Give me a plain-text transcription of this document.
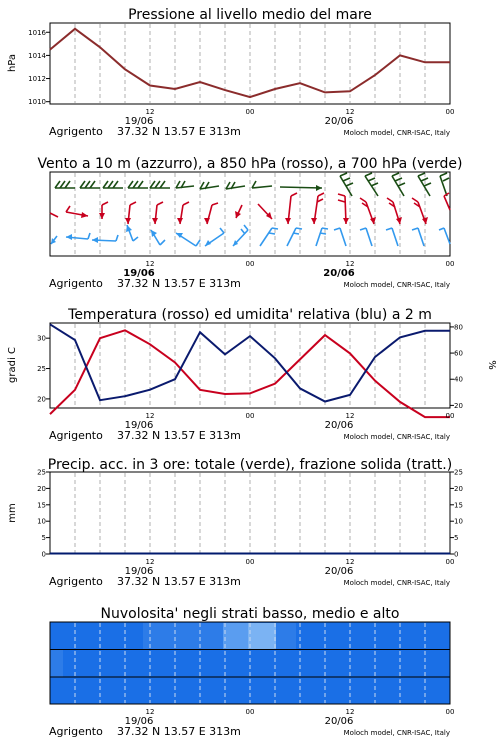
Pressione al livello medio del mare
1016
1014
1012
1010
hPa
12	00	12	00
19/06	20/06
Agrigento 37.32 N 13.57 E 313m	Moloch model, CNR-ISAC, Italy
Vento a 10 m (azzurro), a 850 hPa (rosso), a 700 hPa (verde)
12	00	12	00
19/06	20/06
Agrigento 37.32 N 13.57 E 313m	Moloch model, CNR-ISAC, Italy
Temperatura (rosso) ed umidita' relativa (blu) a 2 m
30
25
20
80
60
40
20
gradi C	%
12	00	12	00
19/06	20/06
Agrigento 37.32 N 13.57 E 313m	Moloch model, CNR-ISAC, Italy
Precip. acc. in 3 ore: totale (verde), frazione solida (tratt.)
25
20
15
10
5
0
25
20
15
10
5
0
mm
12	00	12	00
19/06	20/06
Agrigento 37.32 N 13.57 E 313m	Moloch model, CNR-ISAC, Italy
Nuvolosita' negli strati basso, medio e alto
12	00	12	00
19/06	20/06
Agrigento 37.32 N 13.57 E 313m	Moloch model, CNR-ISAC, Italy
